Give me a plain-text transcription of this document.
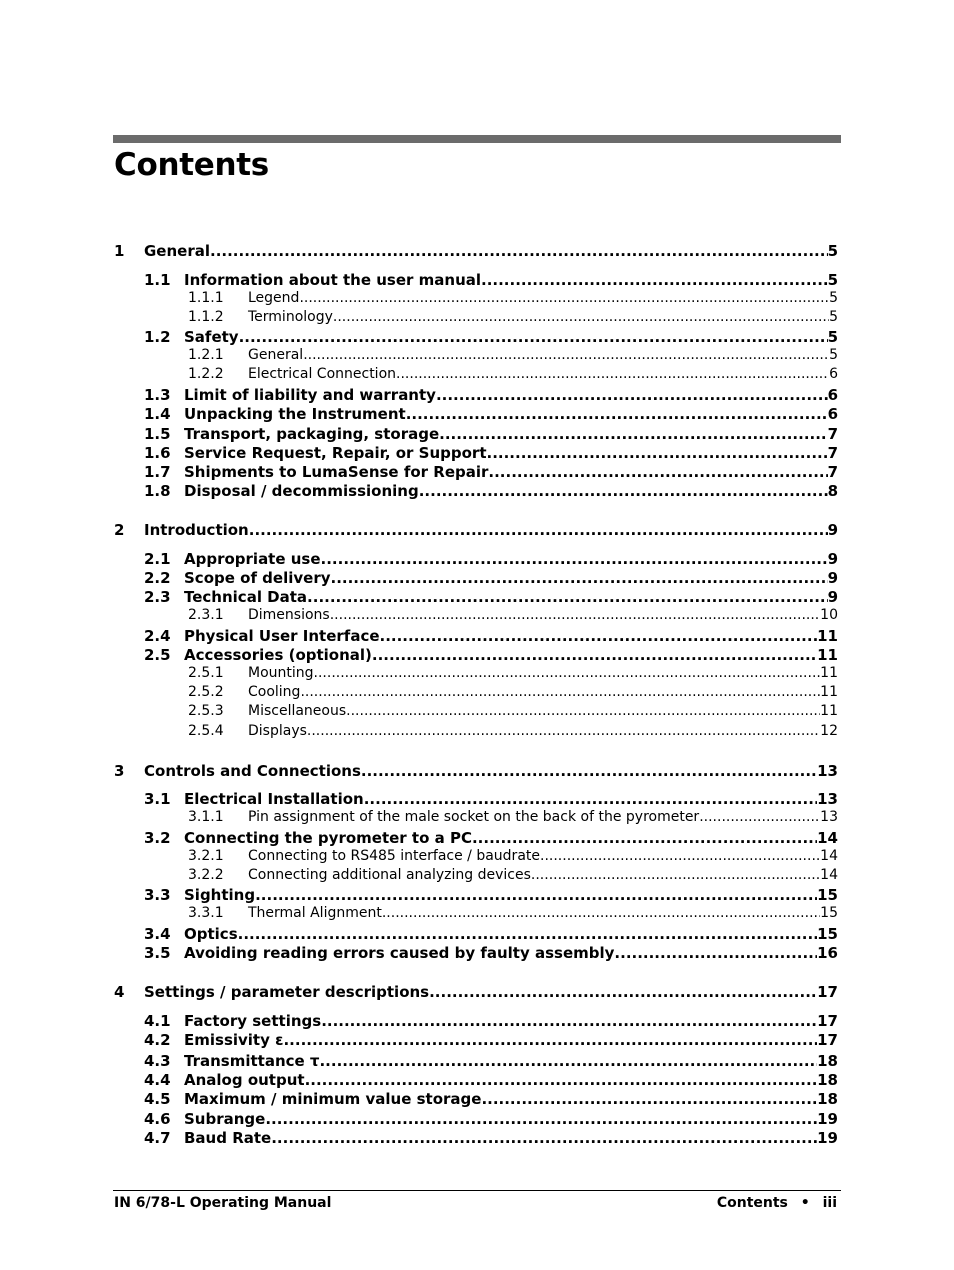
Contents
1	General .....	5
1.1 Information about the user manual .....	5
1.1.1	Legend .....	5
1.1.2	Terminology .....	5
1.2 Safety .....	5
1.2.1	General .....	5
1.2.2	Electrical Connection .....	6
1.3 Limit of liability and warranty .....	6
1.4 Unpacking the Instrument .....	6
1.5 Transport, packaging, storage .....	7
1.6 Service Request, Repair, or Support .....	7
1.7 Shipments to LumaSense for Repair .....	7
1.8 Disposal / decommissioning .....	8
2	Introduction .....	9
2.1 Appropriate use .....	9
2.2 Scope of delivery .....	9
2.3 Technical Data .....	9
2.3.1	Dimensions .....	10
2.4 Physical User Interface .....	11
2.5 Accessories (optional) .....	11
2.5.1	Mounting .....	11
2.5.2	Cooling .....	11
2.5.3	Miscellaneous .....	11
2.5.4	Displays .....	12
3	Controls and Connections .....	13
3.1 Electrical Installation .....	13
3.1.1	Pin assignment of the male socket on the back of the pyrometer .....	13
3.2 Connecting the pyrometer to a PC .....	14
3.2.1	Connecting to RS485 interface / baudrate .....	14
3.2.2	Connecting additional analyzing devices .....	14
3.3 Sighting .....	15
3.3.1	Thermal Alignment .....	15
3.4 Optics .....	15
3.5 Avoiding reading errors caused by faulty assembly .....	16
4	Settings / parameter descriptions .....	17
4.1 Factory settings .....	17
4.2 Emissivity ε .....	17
4.3 Transmittance τ .....	18
4.4 Analog output .....	18
4.5 Maximum / minimum value storage .....	18
4.6 Subrange .....	19
4.7 Baud Rate .....	19
IN 6/78-L Operating Manual	Contents • iii
